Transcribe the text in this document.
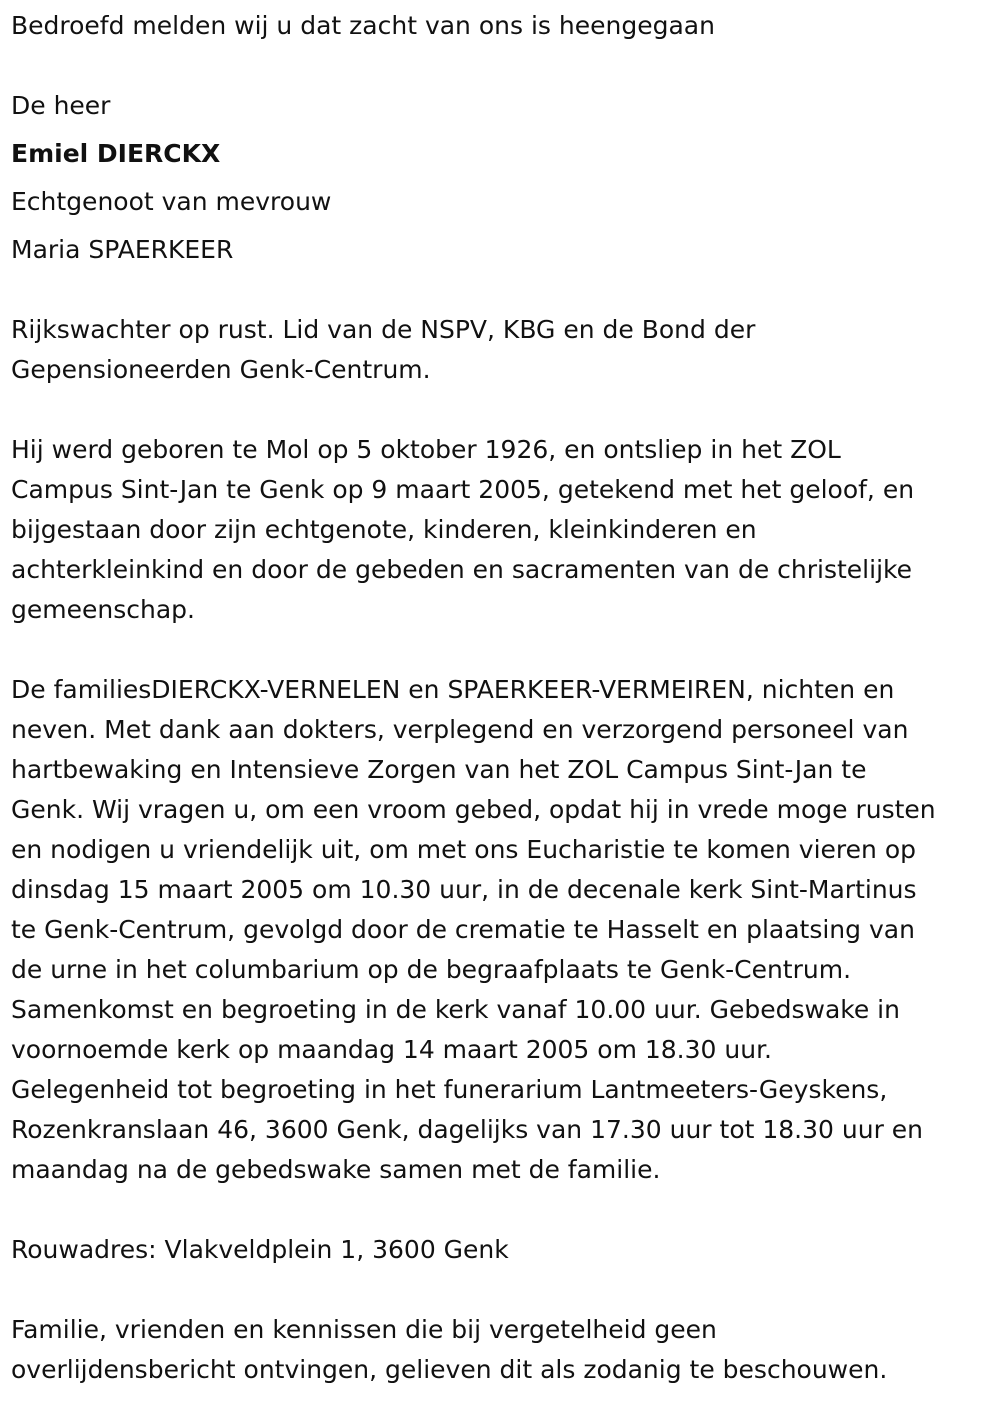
Bedroefd melden wij u dat zacht van ons is heengegaan
De heer
Emiel DIERCKX
Echtgenoot van mevrouw
Maria SPAERKEER
Rijkswachter op rust. Lid van de NSPV, KBG en de Bond der
Gepensioneerden Genk-Centrum.
Hij werd geboren te Mol op 5 oktober 1926, en ontsliep in het ZOL
Campus Sint-Jan te Genk op 9 maart 2005, getekend met het geloof, en
bijgestaan door zijn echtgenote, kinderen, kleinkinderen en
achterkleinkind en door de gebeden en sacramenten van de christelijke
gemeenschap.
De familiesDIERCKX-VERNELEN en SPAERKEER-VERMEIREN, nichten en
neven. Met dank aan dokters, verplegend en verzorgend personeel van
hartbewaking en Intensieve Zorgen van het ZOL Campus Sint-Jan te
Genk. Wij vragen u, om een vroom gebed, opdat hij in vrede moge rusten
en nodigen u vriendelijk uit, om met ons Eucharistie te komen vieren op
dinsdag 15 maart 2005 om 10.30 uur, in de decenale kerk Sint-Martinus
te Genk-Centrum, gevolgd door de crematie te Hasselt en plaatsing van
de urne in het columbarium op de begraafplaats te Genk-Centrum.
Samenkomst en begroeting in de kerk vanaf 10.00 uur. Gebedswake in
voornoemde kerk op maandag 14 maart 2005 om 18.30 uur.
Gelegenheid tot begroeting in het funerarium Lantmeeters-Geyskens,
Rozenkranslaan 46, 3600 Genk, dagelijks van 17.30 uur tot 18.30 uur en
maandag na de gebedswake samen met de familie.
Rouwadres: Vlakveldplein 1, 3600 Genk
Familie, vrienden en kennissen die bij vergetelheid geen
overlijdensbericht ontvingen, gelieven dit als zodanig te beschouwen.
